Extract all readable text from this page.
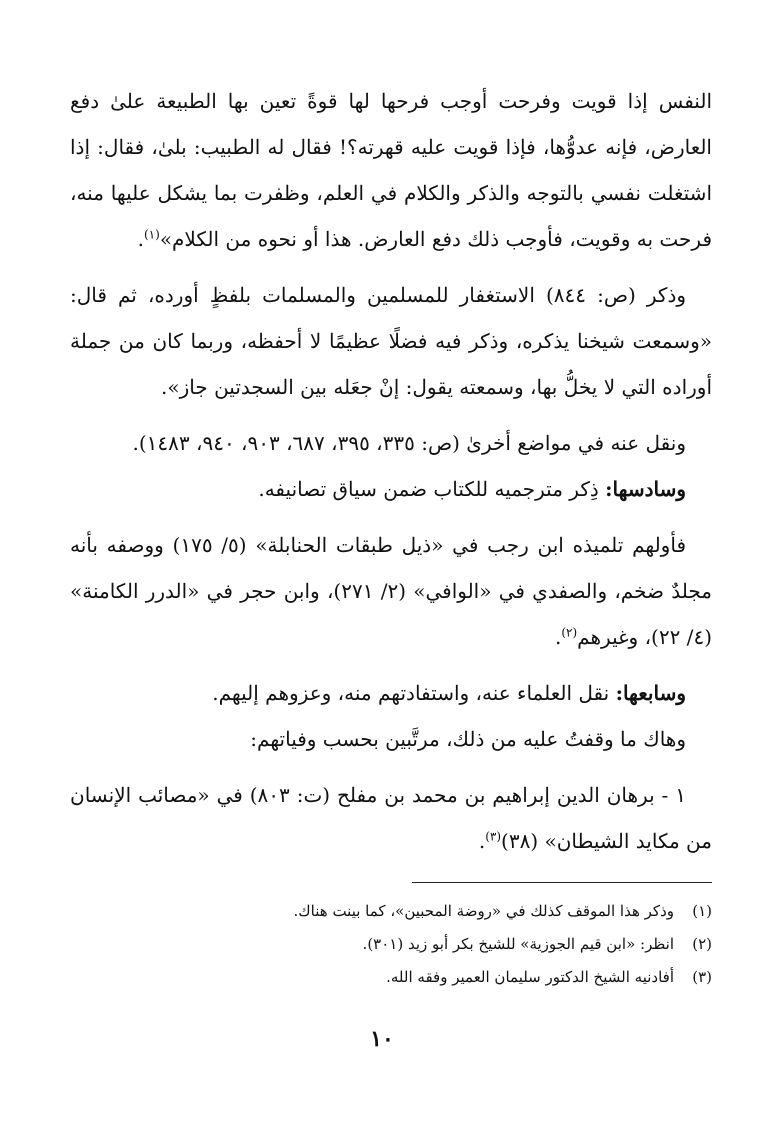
النفس إذا قويت وفرحت أوجب فرحها لها قوةً تعين بها الطبيعة علىٰ دفع العارض، فإنه عدوُّها، فإذا قويت عليه قهرته؟! فقال له الطبيب: بلىٰ، فقال: إذا اشتغلت نفسي بالتوجه والذكر والكلام في العلم، وظفرت بما يشكل عليها منه، فرحت به وقويت، فأوجب ذلك دفع العارض. هذا أو نحوه من الكلام»$^{(١)}$.

وذكر (ص: ٨٤٤) الاستغفار للمسلمين والمسلمات بلفظٍ أورده، ثم قال: «وسمعت شيخنا يذكره، وذكر فيه فضلًا عظيمًا لا أحفظه، وربما كان من جملة أوراده التي لا يخلُّ بها، وسمعته يقول: إنْ جعَله بين السجدتين جاز».

ونقل عنه في مواضع أخرىٰ (ص: ٣٣٥، ٣٩٥، ٦٨٧، ٩٠٣، ٩٤٠، ١٤٨٣).

وسادسها: ذِكر مترجميه للكتاب ضمن سياق تصانيفه.

فأولهم تلميذه ابن رجب في «ذيل طبقات الحنابلة» (٥/ ١٧٥) ووصفه بأنه مجلدٌ ضخم، والصفدي في «الوافي» (٢/ ٢٧١)، وابن حجر في «الدرر الكامنة» (٤/ ٢٢)، وغيرهم$^{(٢)}$.

وسابعها: نقل العلماء عنه، واستفادتهم منه، وعزوهم إليهم.

وهاك ما وقفتُ عليه من ذلك، مرتَّبين بحسب وفياتهم:

١ - برهان الدين إبراهيم بن محمد بن مفلح (ت: ٨٠٣) في «مصائب الإنسان من مكايد الشيطان» (٣٨)$^{(٣)}$.

(١)وذكر هذا الموقف كذلك في «روضة المحبين»، كما بينت هناك.

(٢)انظر: «ابن قيم الجوزية» للشيخ بكر أبو زيد (٣٠١).

(٣)أفادنيه الشيخ الدكتور سليمان العمير وفقه الله.

١٠
